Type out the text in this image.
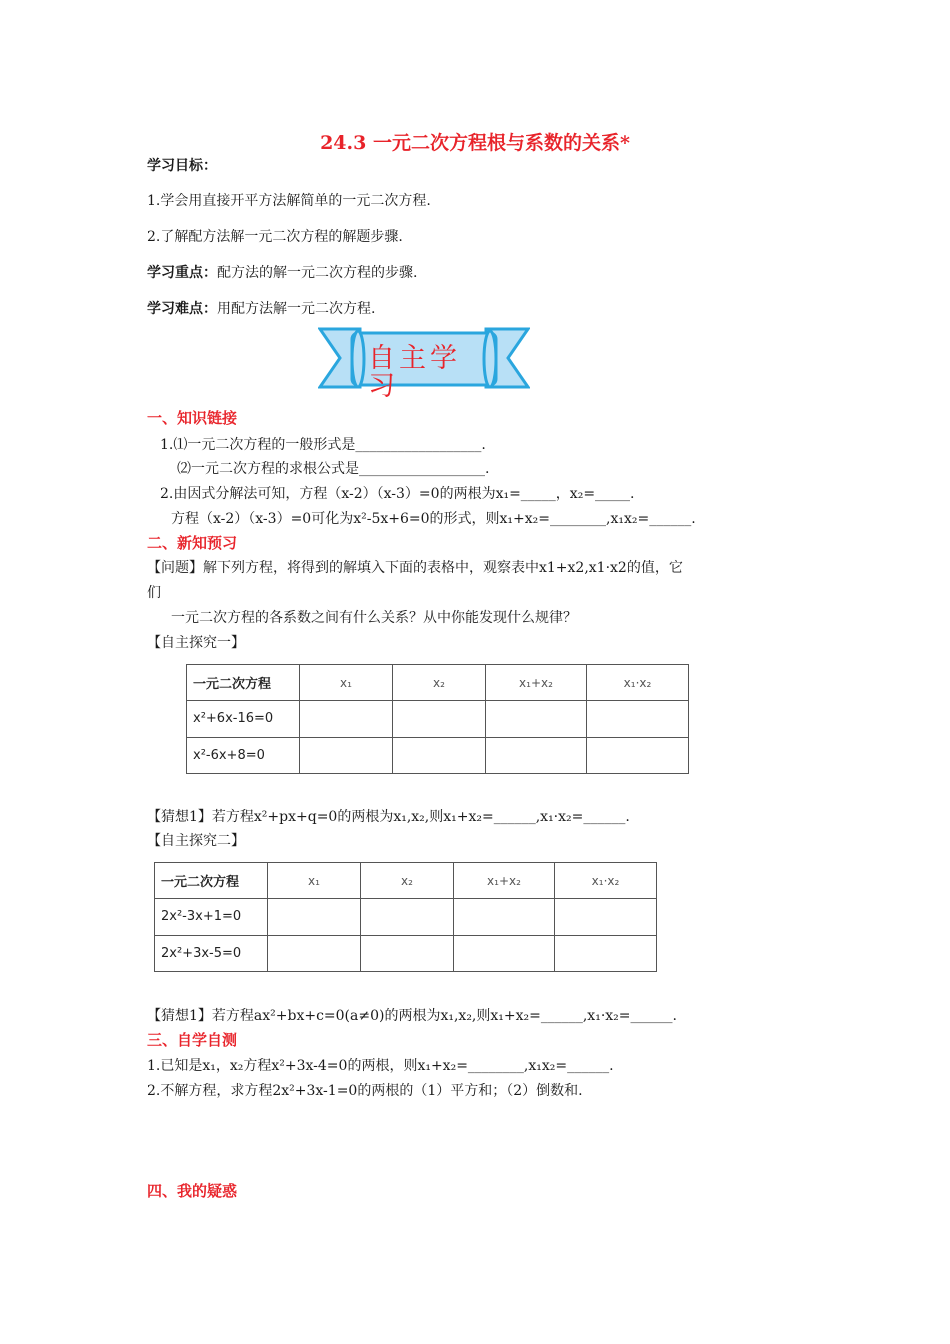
24.3 一元二次方程根与系数的关系*
学习目标：
1.学会用直接开平方法解简单的一元二次方程.
2.了解配方法解一元二次方程的解题步骤.
学习重点：配方法的解一元二次方程的步骤.
学习难点：用配方法解一元二次方程.
自主学
习
一、知识链接
1.⑴一元二次方程的一般形式是__________________.
⑵一元二次方程的求根公式是__________________.
2.由因式分解法可知，方程（x-2）（x-3）=0的两根为x₁=_____，x₂=_____.
方程（x-2）（x-3）=0可化为x²-5x+6=0的形式，则x₁+x₂=________,x₁x₂=______.
二、新知预习
【问题】解下列方程，将得到的解填入下面的表格中，观察表中x1+x2,x1·x2的值，它
们
一元二次方程的各系数之间有什么关系？从中你能发现什么规律？
【自主探究一】
一元二次方程	x₁	x₂	x₁+x₂	x₁·x₂
x²+6x-16=0				
x²-6x+8=0				
【猜想1】若方程x²+px+q=0的两根为x₁,x₂,则x₁+x₂=______,x₁·x₂=______.
【自主探究二】
一元二次方程	x₁	x₂	x₁+x₂	x₁·x₂
2x²-3x+1=0				
2x²+3x-5=0				
【猜想1】若方程ax²+bx+c=0(a≠0)的两根为x₁,x₂,则x₁+x₂=______,x₁·x₂=______.
三、自学自测
1.已知是x₁，x₂方程x²+3x-4=0的两根，则x₁+x₂=________,x₁x₂=______.
2.不解方程，求方程2x²+3x-1=0的两根的（1）平方和；（2）倒数和.
四、我的疑惑
